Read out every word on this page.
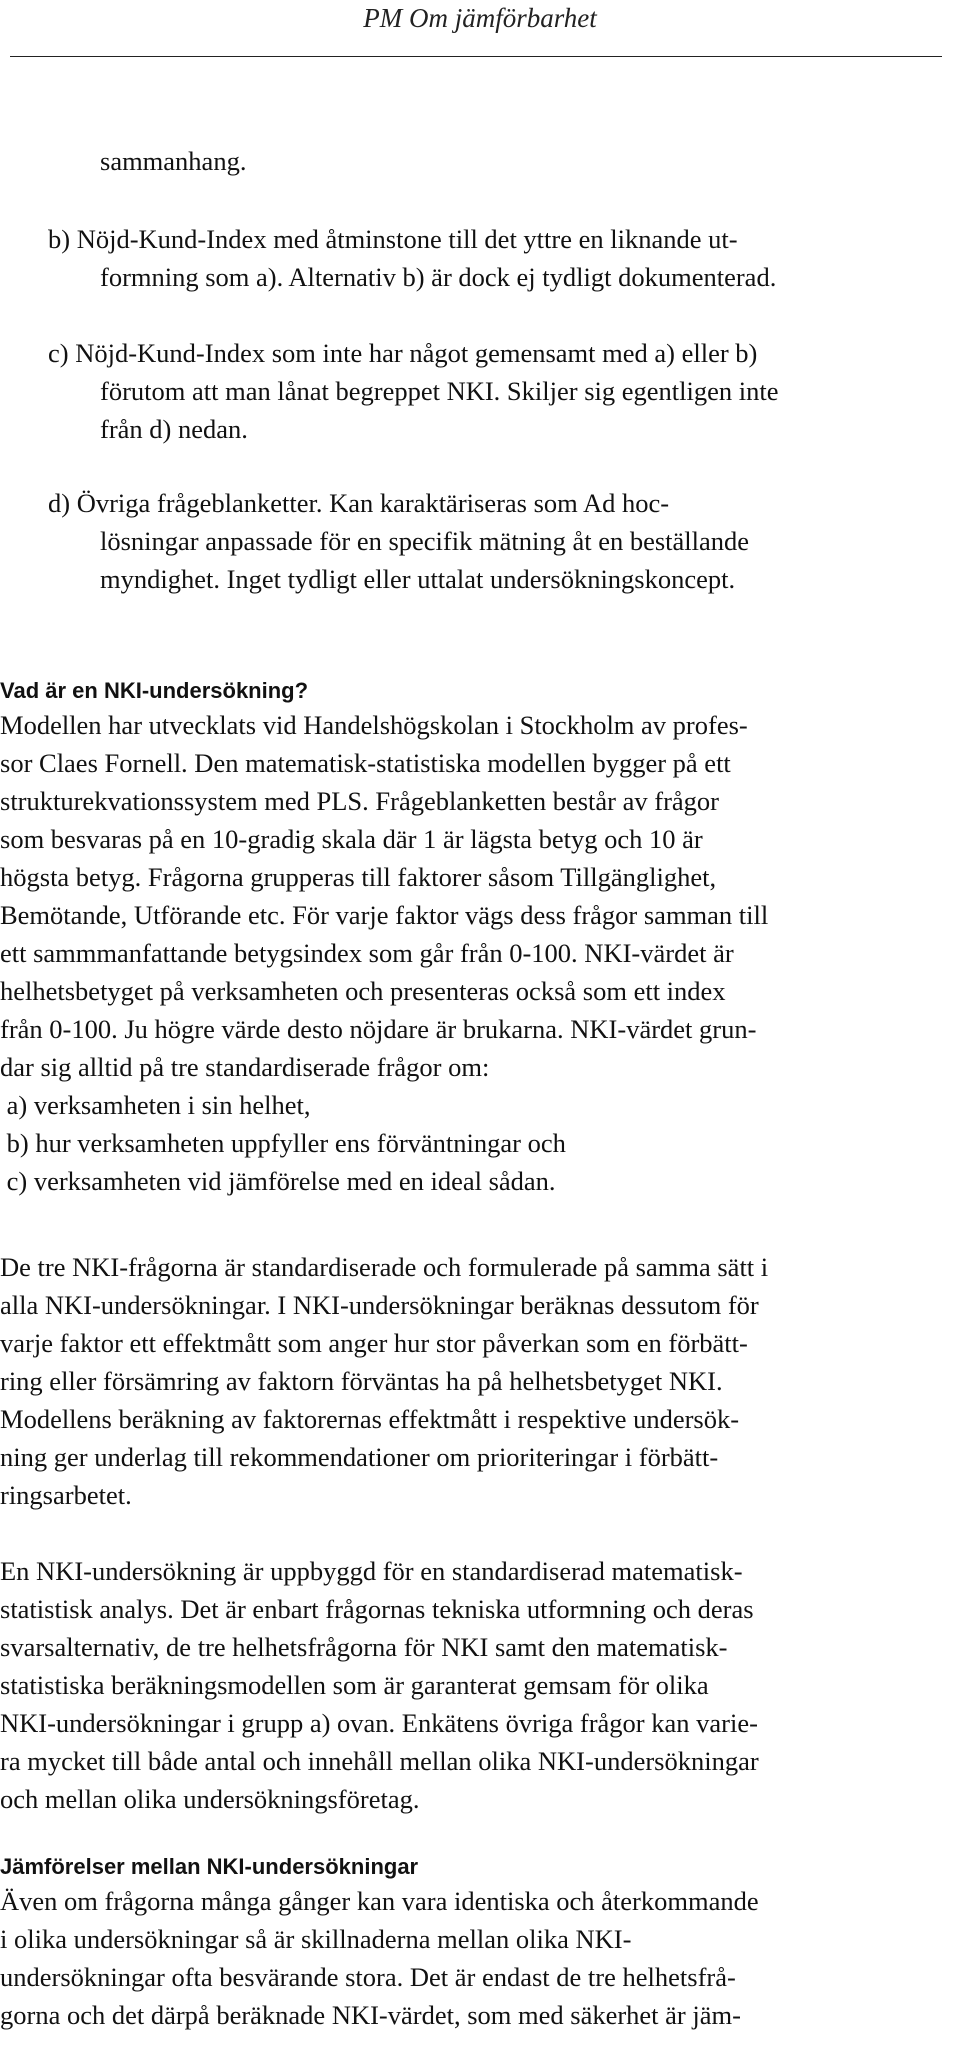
PM Om jämförbarhet
sammanhang.
b) Nöjd-Kund-Index med åtminstone till det yttre en liknande ut-
formning som a). Alternativ b) är dock ej tydligt dokumenterad.
c) Nöjd-Kund-Index som inte har något gemensamt med a) eller b)
förutom att man lånat begreppet NKI. Skiljer sig egentligen inte
från d) nedan.
d) Övriga frågeblanketter. Kan karaktäriseras som Ad hoc-
lösningar anpassade för en specifik mätning åt en beställande
myndighet. Inget tydligt eller uttalat undersökningskoncept.
Vad är en NKI-undersökning?
Modellen har utvecklats vid Handelshögskolan i Stockholm av profes-
sor Claes Fornell. Den matematisk-statistiska modellen bygger på ett
strukturekvationssystem med PLS. Frågeblanketten består av frågor
som besvaras på en 10-gradig skala där 1 är lägsta betyg och 10 är
högsta betyg. Frågorna grupperas till faktorer såsom Tillgänglighet,
Bemötande, Utförande etc. För varje faktor vägs dess frågor samman till
ett sammmanfattande betygsindex som går från 0-100. NKI-värdet är
helhetsbetyget på verksamheten och presenteras också som ett index
från 0-100. Ju högre värde desto nöjdare är brukarna. NKI-värdet grun-
dar sig alltid på tre standardiserade frågor om:
a) verksamheten i sin helhet,
b) hur verksamheten uppfyller ens förväntningar och
c) verksamheten vid jämförelse med en ideal sådan.
De tre NKI-frågorna är standardiserade och formulerade på samma sätt i
alla NKI-undersökningar. I NKI-undersökningar beräknas dessutom för
varje faktor ett effektmått som anger hur stor påverkan som en förbätt-
ring eller försämring av faktorn förväntas ha på helhetsbetyget NKI.
Modellens beräkning av faktorernas effektmått i respektive undersök-
ning ger underlag till rekommendationer om prioriteringar i förbätt-
ringsarbetet.
En NKI-undersökning är uppbyggd för en standardiserad matematisk-
statistisk analys. Det är enbart frågornas tekniska utformning och deras
svarsalternativ, de tre helhetsfrågorna för NKI samt den matematisk-
statistiska beräkningsmodellen som är garanterat gemsam för olika
NKI-undersökningar i grupp a) ovan. Enkätens övriga frågor kan varie-
ra mycket till både antal och innehåll mellan olika NKI-undersökningar
och mellan olika undersökningsföretag.
Jämförelser mellan NKI-undersökningar
Även om frågorna många gånger kan vara identiska och återkommande
i olika undersökningar så är skillnaderna mellan olika NKI-
undersökningar ofta besvärande stora. Det är endast de tre helhetsfrå-
gorna och det därpå beräknade NKI-värdet, som med säkerhet är jäm-
